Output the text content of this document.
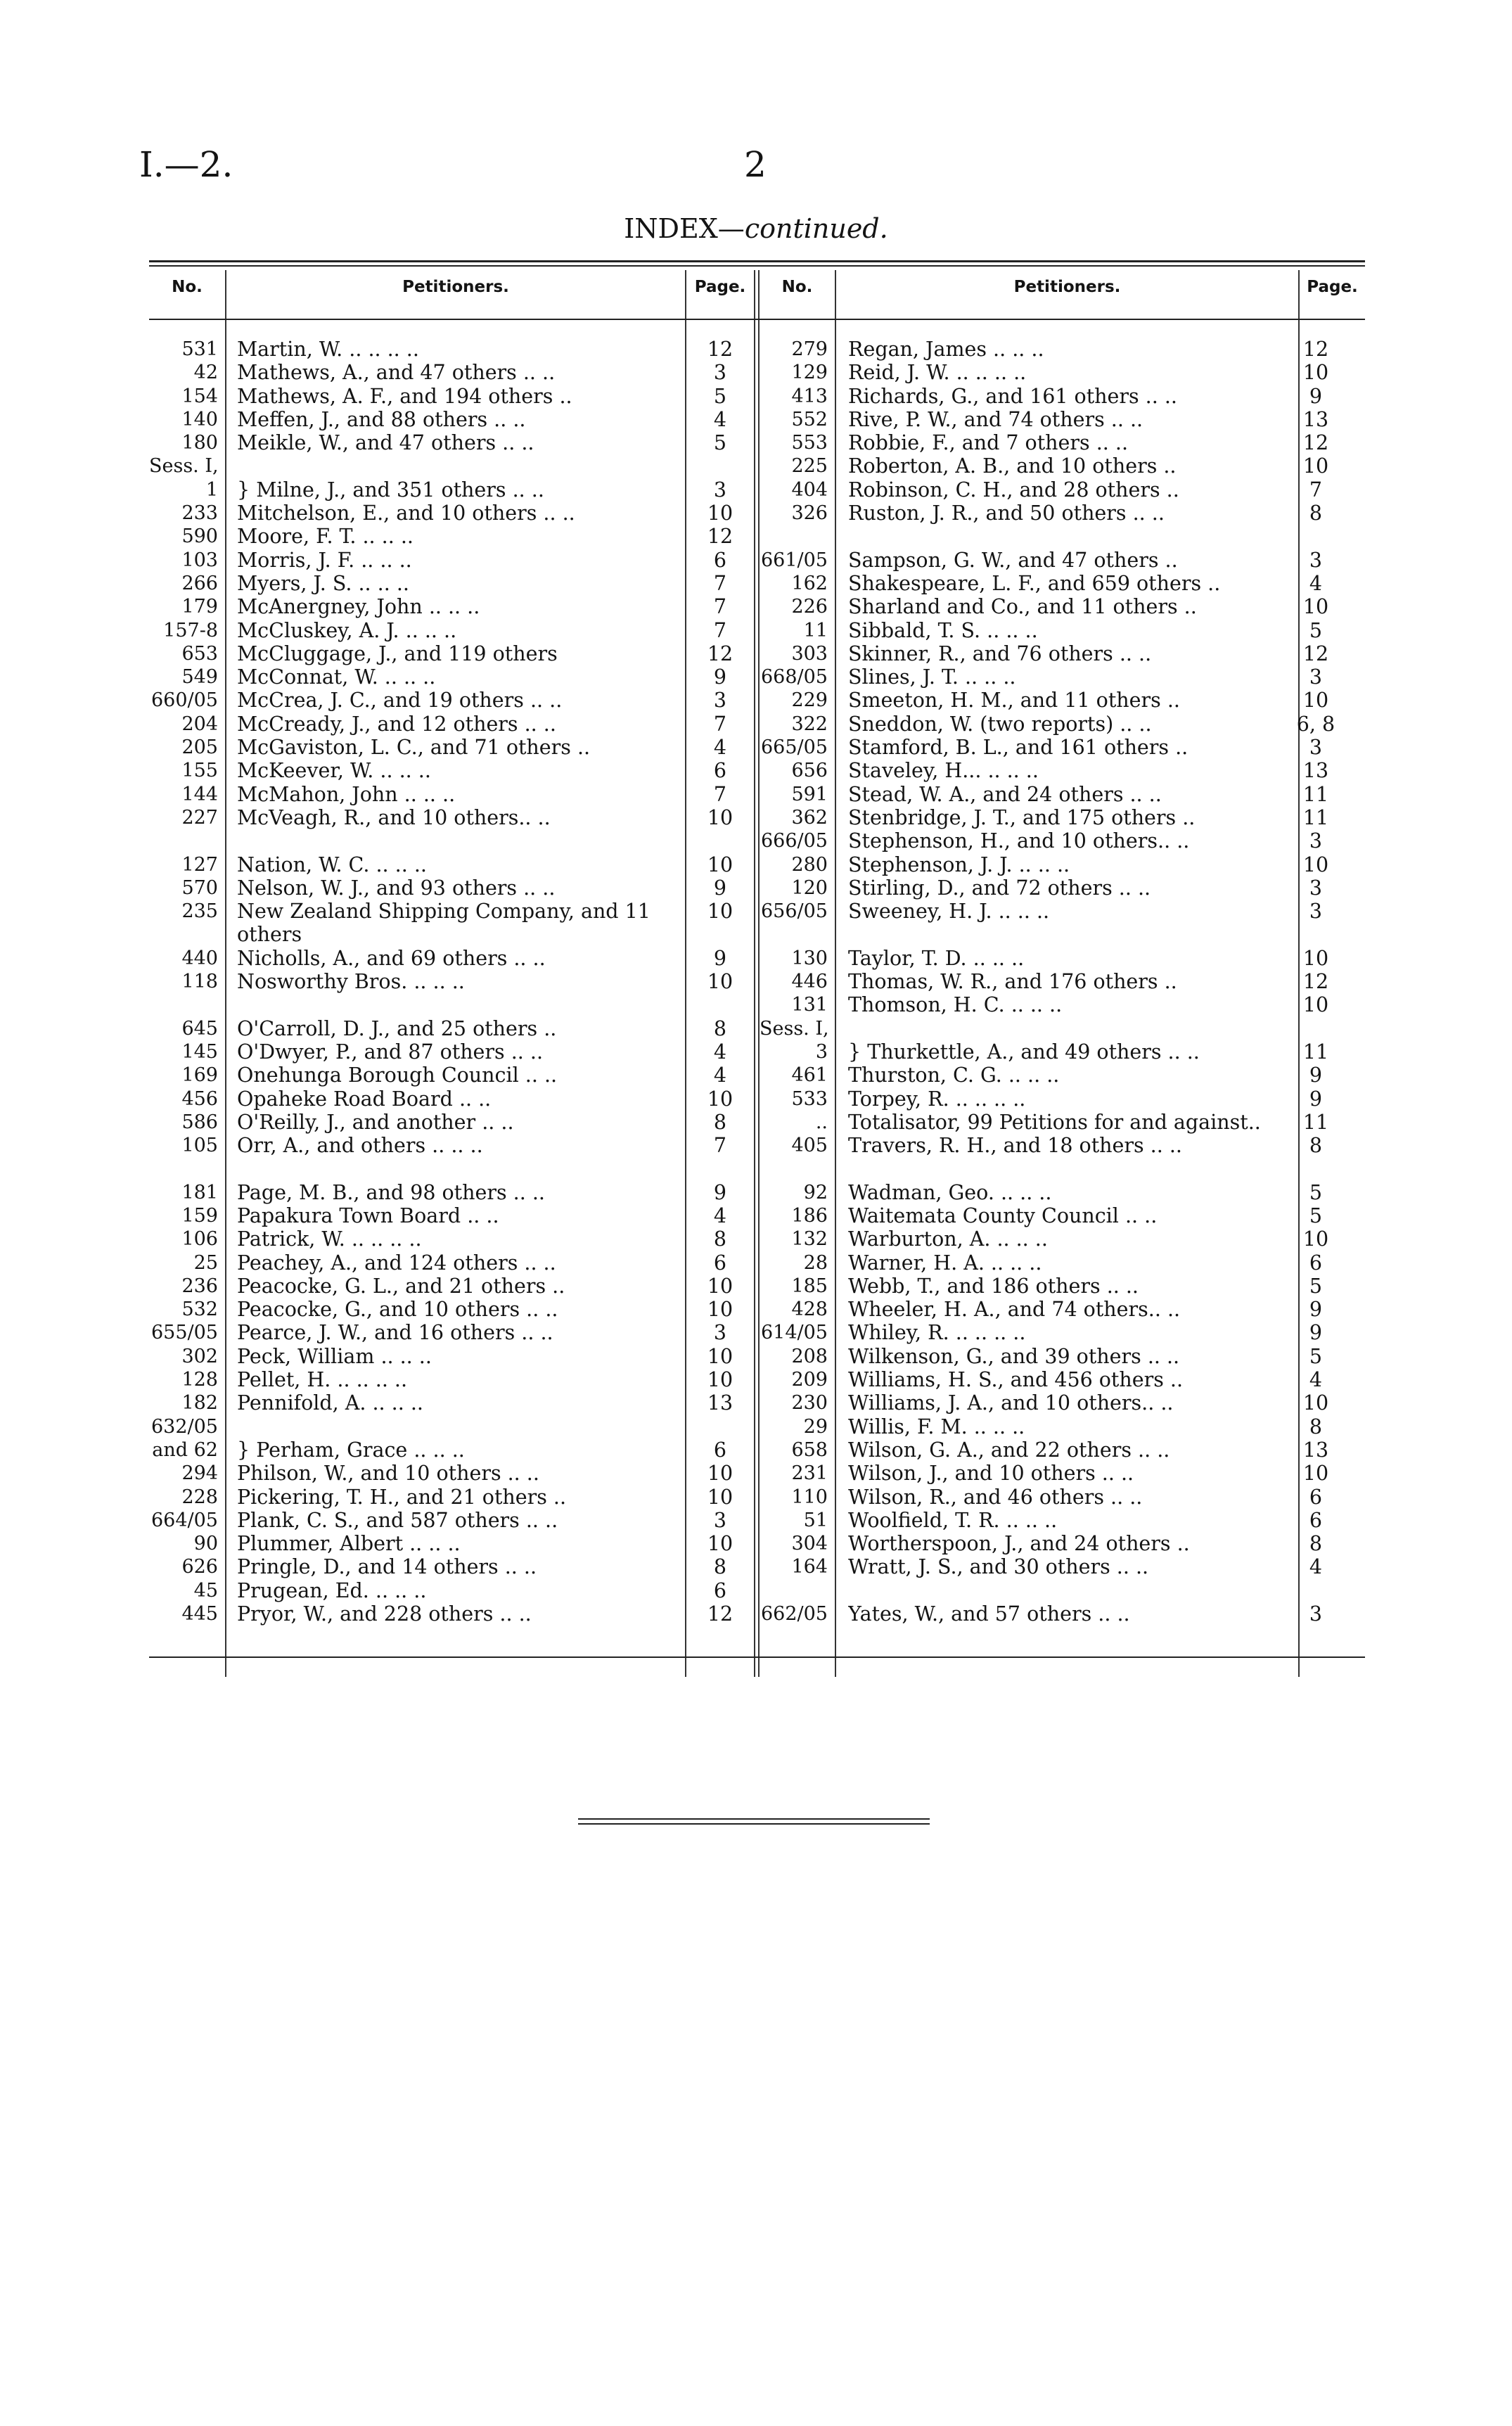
I.—2.	2
INDEX—continued.
No.	Petitioners.	Page.	No.	Petitioners.	Page.
531 Martin, W. .. .. .. ..	12
42 Mathews, A., and 47 others .. ..	3
154 Mathews, A. F., and 194 others ..	5
140 Meffen, J., and 88 others .. ..	4
180 Meikle, W., and 47 others .. ..	5
Sess. I,
1 } Milne, J., and 351 others .. ..	3
233 Mitchelson, E., and 10 others .. ..	10
590 Moore, F. T. .. .. ..	12
103 Morris, J. F. .. .. ..	6
266 Myers, J. S. .. .. ..	7
179 McAnergney, John .. .. ..	7
157-8 McCluskey, A. J. .. .. ..	7
653 McCluggage, J., and 119 others	12
549 McConnat, W. .. .. ..	9
660/05 McCrea, J. C., and 19 others .. ..	3
204 McCready, J., and 12 others .. ..	7
205 McGaviston, L. C., and 71 others ..	4
155 McKeever, W. .. .. ..	6
144 McMahon, John .. .. ..	7
227 McVeagh, R., and 10 others.. ..	10
127 Nation, W. C. .. .. ..	10
570 Nelson, W. J., and 93 others .. ..	9
235 New Zealand Shipping Company, and 11	10
others
440 Nicholls, A., and 69 others .. ..	9
118 Nosworthy Bros. .. .. ..	10
645 O'Carroll, D. J., and 25 others ..	8
145 O'Dwyer, P., and 87 others .. ..	4
169 Onehunga Borough Council .. ..	4
456 Opaheke Road Board .. ..	10
586 O'Reilly, J., and another .. ..	8
105 Orr, A., and others .. .. ..	7
181 Page, M. B., and 98 others .. ..	9
159 Papakura Town Board .. ..	4
106 Patrick, W. .. .. .. ..	8
25 Peachey, A., and 124 others .. ..	6
236 Peacocke, G. L., and 21 others ..	10
532 Peacocke, G., and 10 others .. ..	10
655/05 Pearce, J. W., and 16 others .. ..	3
302 Peck, William .. .. ..	10
128 Pellet, H. .. .. .. ..	10
182 Pennifold, A. .. .. ..	13
632/05
and 62 } Perham, Grace .. .. ..	6
294 Philson, W., and 10 others .. ..	10
228 Pickering, T. H., and 21 others ..	10
664/05 Plank, C. S., and 587 others .. ..	3
90 Plummer, Albert .. .. ..	10
626 Pringle, D., and 14 others .. ..	8
45 Prugean, Ed. .. .. ..	6
445 Pryor, W., and 228 others .. ..	12
279 Regan, James .. .. ..	12
129 Reid, J. W. .. .. .. ..	10
413 Richards, G., and 161 others .. ..	9
552 Rive, P. W., and 74 others .. ..	13
553 Robbie, F., and 7 others .. ..	12
225 Roberton, A. B., and 10 others ..	10
404 Robinson, C. H., and 28 others ..	7
326 Ruston, J. R., and 50 others .. ..	8
661/05 Sampson, G. W., and 47 others ..	3
162 Shakespeare, L. F., and 659 others ..	4
226 Sharland and Co., and 11 others ..	10
11 Sibbald, T. S. .. .. ..	5
303 Skinner, R., and 76 others .. ..	12
668/05 Slines, J. T. .. .. ..	3
229 Smeeton, H. M., and 11 others ..	10
322 Sneddon, W. (two reports) .. ..	6, 8
665/05 Stamford, B. L., and 161 others ..	3
656 Staveley, H... .. .. ..	13
591 Stead, W. A., and 24 others .. ..	11
362 Stenbridge, J. T., and 175 others ..	11
666/05 Stephenson, H., and 10 others.. ..	3
280 Stephenson, J. J. .. .. ..	10
120 Stirling, D., and 72 others .. ..	3
656/05 Sweeney, H. J. .. .. ..	3
130 Taylor, T. D. .. .. ..	10
446 Thomas, W. R., and 176 others ..	12
131 Thomson, H. C. .. .. ..	10
Sess. I,
3 } Thurkettle, A., and 49 others .. ..	11
461 Thurston, C. G. .. .. ..	9
533 Torpey, R. .. .. .. ..	9
.. Totalisator, 99 Petitions for and against..	11
405 Travers, R. H., and 18 others .. ..	8
92 Wadman, Geo. .. .. ..	5
186 Waitemata County Council .. ..	5
132 Warburton, A. .. .. ..	10
28 Warner, H. A. .. .. ..	6
185 Webb, T., and 186 others .. ..	5
428 Wheeler, H. A., and 74 others.. ..	9
614/05 Whiley, R. .. .. .. ..	9
208 Wilkenson, G., and 39 others .. ..	5
209 Williams, H. S., and 456 others ..	4
230 Williams, J. A., and 10 others.. ..	10
29 Willis, F. M. .. .. ..	8
658 Wilson, G. A., and 22 others .. ..	13
231 Wilson, J., and 10 others .. ..	10
110 Wilson, R., and 46 others .. ..	6
51 Woolfield, T. R. .. .. ..	6
304 Wortherspoon, J., and 24 others ..	8
164 Wratt, J. S., and 30 others .. ..	4
662/05 Yates, W., and 57 others .. ..	3
